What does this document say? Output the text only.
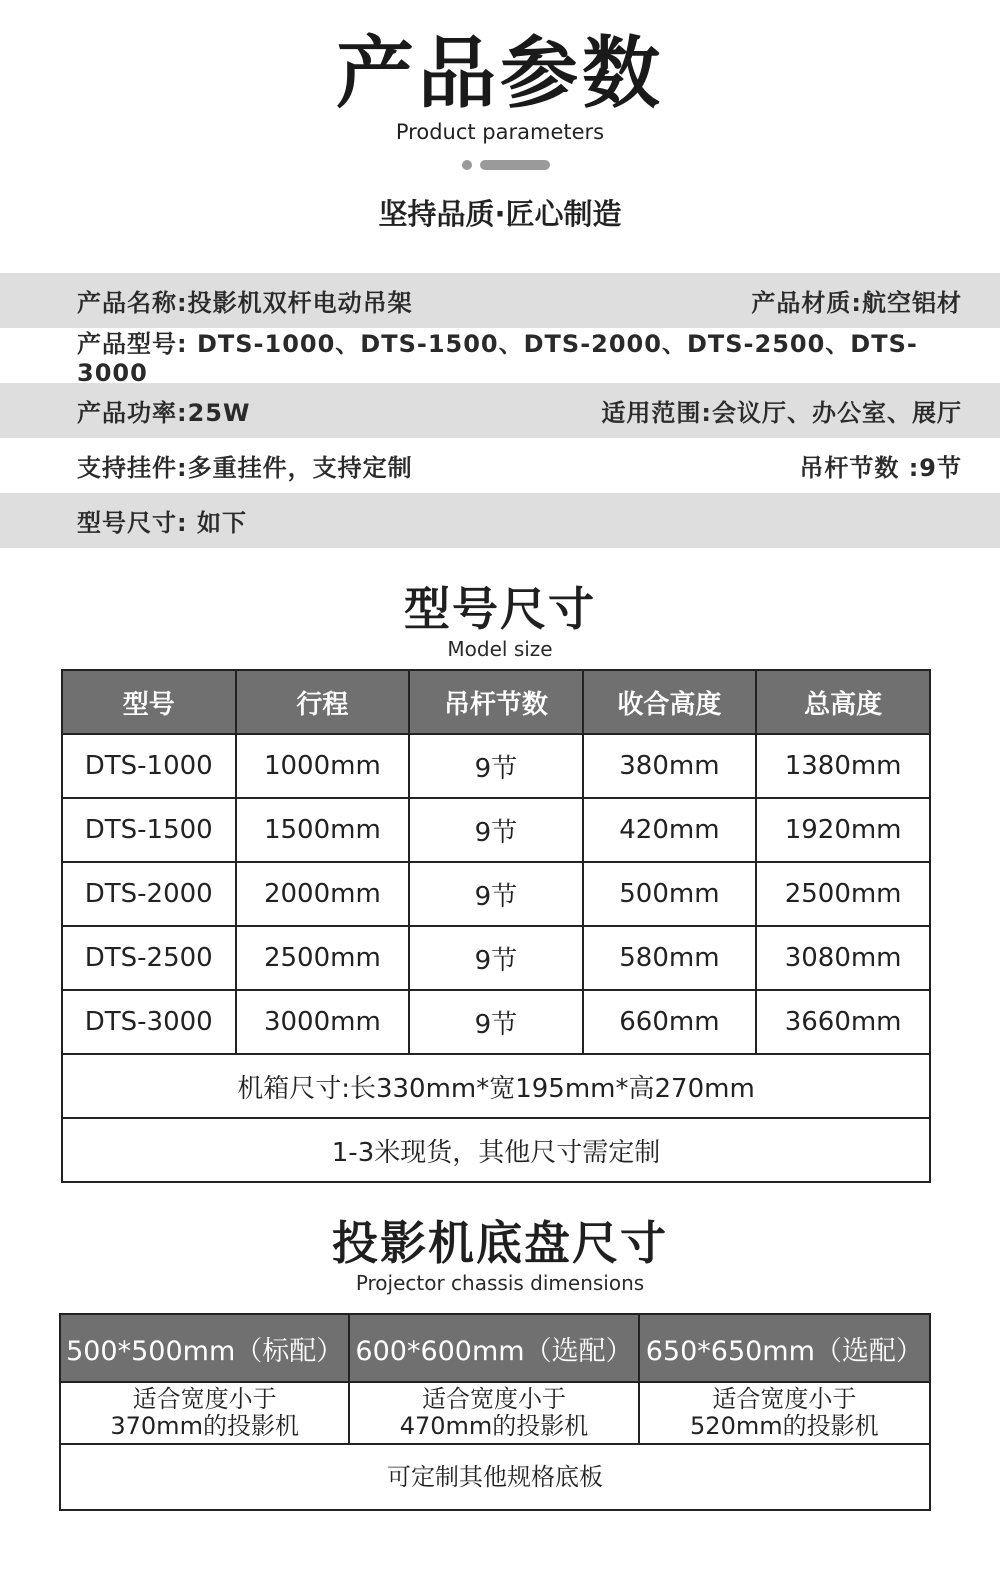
产品参数
Product parameters
坚持品质·匠心制造
产品名称:投影机双杆电动吊架	产品材质:航空铝材
产品型号: DTS-1000、DTS-1500、DTS-2000、DTS-2500、DTS-3000
产品功率:25W	适用范围:会议厅、办公室、展厅
支持挂件:多重挂件，支持定制	吊杆节数 :9节
型号尺寸: 如下
型号尺寸
Model size
型号	行程	吊杆节数	收合高度	总高度
DTS-1000	1000mm	9节	380mm	1380mm
DTS-1500	1500mm	9节	420mm	1920mm
DTS-2000	2000mm	9节	500mm	2500mm
DTS-2500	2500mm	9节	580mm	3080mm
DTS-3000	3000mm	9节	660mm	3660mm
机箱尺寸:长330mm*宽195mm*高270mm				
1-3米现货，其他尺寸需定制				
投影机底盘尺寸
Projector chassis dimensions
500*500mm（标配）	600*600mm（选配）	650*650mm（选配）

适合宽度小于
370mm的投影机	适合宽度小于
470mm的投影机	适合宽度小于
520mm的投影机

可定制其他规格底板		
